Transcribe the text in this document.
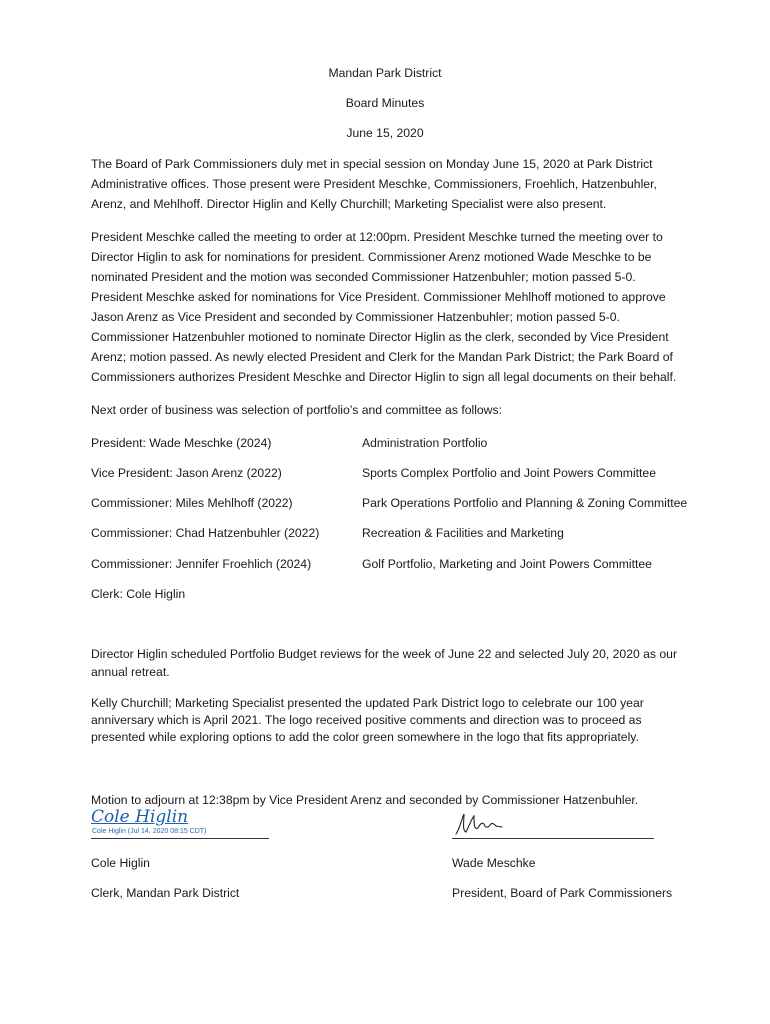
Mandan Park District
Board Minutes
June 15, 2020
The Board of Park Commissioners duly met in special session on Monday June 15, 2020 at Park District
Administrative offices. Those present were President Meschke, Commissioners, Froehlich, Hatzenbuhler,
Arenz, and Mehlhoff. Director Higlin and Kelly Churchill; Marketing Specialist were also present.
President Meschke called the meeting to order at 12:00pm. President Meschke turned the meeting over to
Director Higlin to ask for nominations for president. Commissioner Arenz motioned Wade Meschke to be
nominated President and the motion was seconded Commissioner Hatzenbuhler; motion passed 5-0.
President Meschke asked for nominations for Vice President. Commissioner Mehlhoff motioned to approve
Jason Arenz as Vice President and seconded by Commissioner Hatzenbuhler; motion passed 5-0.
Commissioner Hatzenbuhler motioned to nominate Director Higlin as the clerk, seconded by Vice President
Arenz; motion passed. As newly elected President and Clerk for the Mandan Park District; the Park Board of
Commissioners authorizes President Meschke and Director Higlin to sign all legal documents on their behalf.
Next order of business was selection of portfolio’s and committee as follows:
President: Wade Meschke (2024)	Administration Portfolio
Vice President: Jason Arenz (2022)	Sports Complex Portfolio and Joint Powers Committee
Commissioner: Miles Mehlhoff (2022)	Park Operations Portfolio and Planning & Zoning Committee
Commissioner: Chad Hatzenbuhler (2022)	Recreation & Facilities and Marketing
Commissioner: Jennifer Froehlich (2024)	Golf Portfolio, Marketing and Joint Powers Committee
Clerk: Cole Higlin
Director Higlin scheduled Portfolio Budget reviews for the week of June 22 and selected July 20, 2020 as our
annual retreat.
Kelly Churchill; Marketing Specialist presented the updated Park District logo to celebrate our 100 year
anniversary which is April 2021. The logo received positive comments and direction was to proceed as
presented while exploring options to add the color green somewhere in the logo that fits appropriately.
Motion to adjourn at 12:38pm by Vice President Arenz and seconded by Commissioner Hatzenbuhler.
Cole Higlin
Cole Higlin (Jul 14, 2020 08:15 CDT)
Cole Higlin
Clerk, Mandan Park District
Wade Meschke
President, Board of Park Commissioners
